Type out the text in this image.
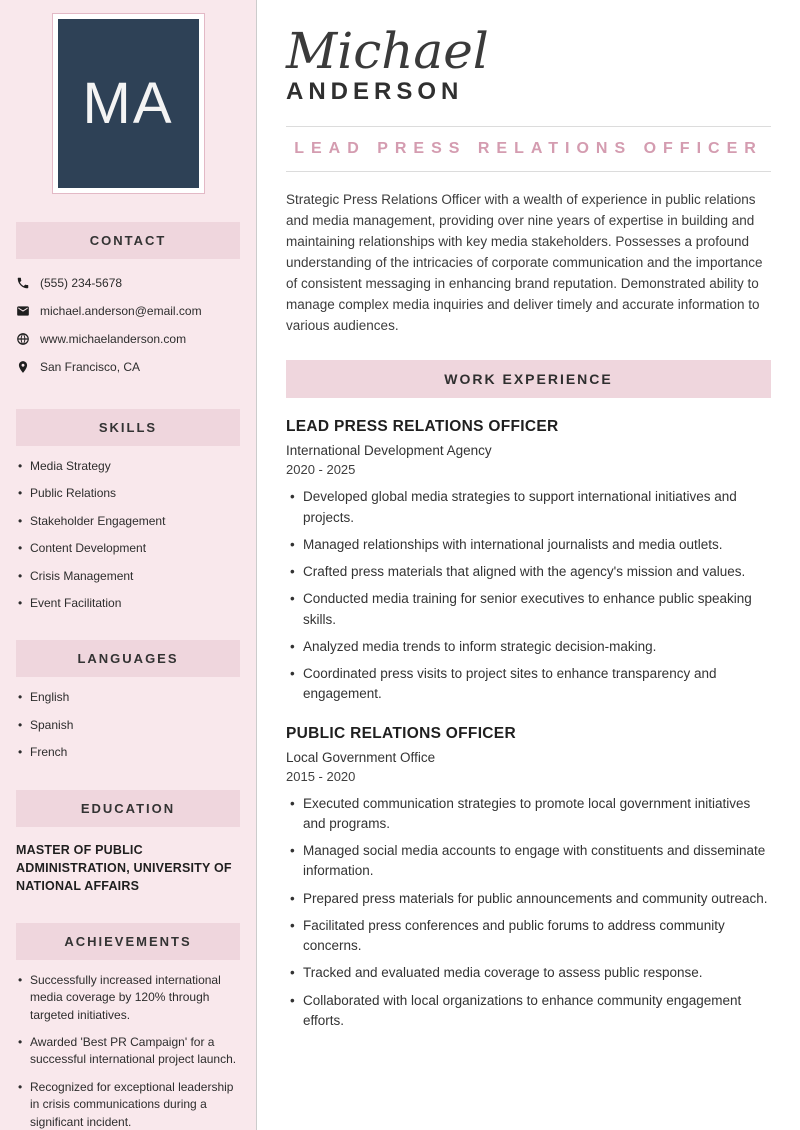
MA
CONTACT
(555) 234-5678
michael.anderson@email.com
www.michaelanderson.com
San Francisco, CA
SKILLS
• Media Strategy
• Public Relations
• Stakeholder Engagement
• Content Development
• Crisis Management
• Event Facilitation
LANGUAGES
• English
• Spanish
• French
EDUCATION
MASTER OF PUBLIC ADMINISTRATION, UNIVERSITY OF NATIONAL AFFAIRS
ACHIEVEMENTS
• Successfully increased international media coverage by 120% through targeted initiatives.
• Awarded 'Best PR Campaign' for a successful international project launch.
• Recognized for exceptional leadership in crisis communications during a significant incident.
Michael
ANDERSON
LEAD PRESS RELATIONS OFFICER

Strategic Press Relations Officer with a wealth of experience in public relations and media management, providing over nine years of expertise in building and maintaining relationships with key media stakeholders. Possesses a profound understanding of the intricacies of corporate communication and the importance of consistent messaging in enhancing brand reputation. Demonstrated ability to manage complex media inquiries and deliver timely and accurate information to various audiences.

WORK EXPERIENCE
LEAD PRESS RELATIONS OFFICER
International Development Agency
2020 - 2025
• Developed global media strategies to support international initiatives and projects.
• Managed relationships with international journalists and media outlets.
• Crafted press materials that aligned with the agency's mission and values.
• Conducted media training for senior executives to enhance public speaking skills.
• Analyzed media trends to inform strategic decision-making.
• Coordinated press visits to project sites to enhance transparency and engagement.
PUBLIC RELATIONS OFFICER
Local Government Office
2015 - 2020
• Executed communication strategies to promote local government initiatives and programs.
• Managed social media accounts to engage with constituents and disseminate information.
• Prepared press materials for public announcements and community outreach.
• Facilitated press conferences and public forums to address community concerns.
• Tracked and evaluated media coverage to assess public response.
• Collaborated with local organizations to enhance community engagement efforts.
